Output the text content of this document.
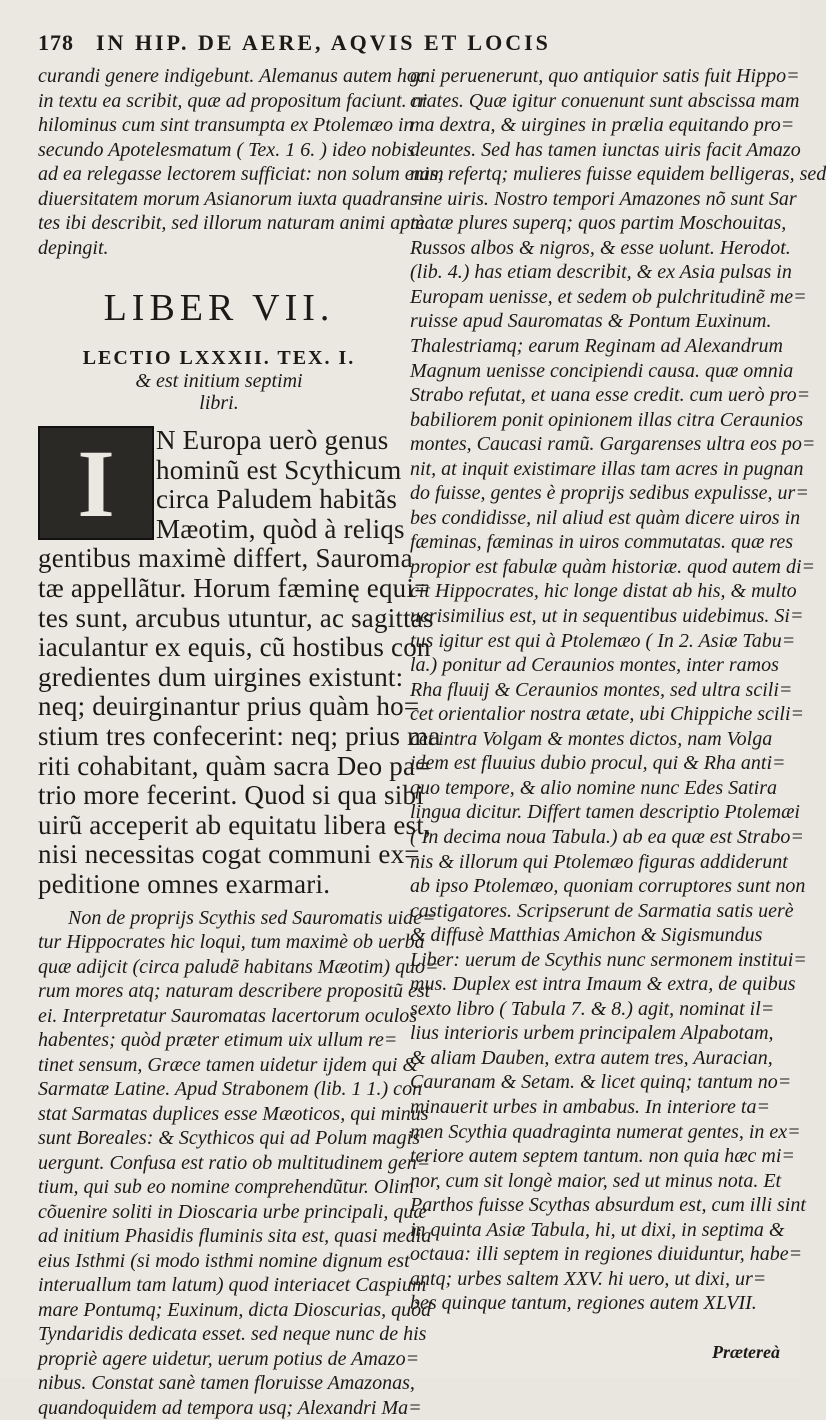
178 IN HIP. DE AERE, AQVIS ET LOCIS
curandi genere indigebunt. Alemanus autem hoc
in textu ea scribit, quæ ad propositum faciunt. ni
hilominus cum sint transumpta ex Ptolemæo in
secundo Apotelesmatum ( Tex. 1 6. ) ideo nobis
ad ea relegasse lectorem sufficiat: non solum enim
diuersitatem morum Asianorum iuxta quadran=
tes ibi describit, sed illorum naturam animi aptè
depingit.
LIBER VII.
LECTIO LXXXII. TEX. I.
& est initium septimi
libri.
I	N Europa uerò genus
hominũ est Scythicum
circa Paludem habitãs
Mæotim, quòd à reliqs
gentibus maximè differt, Sauroma
tæ appellãtur. Horum fæminę equi=
tes sunt, arcubus utuntur, ac sagittas
iaculantur ex equis, cũ hostibus con
gredientes dum uirgines existunt:
neq; deuirginantur prius quàm ho=
stium tres confecerint: neq; prius ma
riti cohabitant, quàm sacra Deo pa=
trio more fecerint. Quod si qua sibi
uirũ acceperit ab equitatu libera est,
nisi necessitas cogat communi ex=
peditione omnes exarmari.
Non de proprijs Scythis sed Sauromatis uide=
tur Hippocrates hic loqui, tum maximè ob uerba
quæ adijcit (circa paludẽ habitans Mæotim) quo=
rum mores atq; naturam describere propositũ est
ei. Interpretatur Sauromatas lacertorum oculos
habentes; quòd præter etimum uix ullum re=
tinet sensum, Græce tamen uidetur ijdem qui &
Sarmatæ Latine. Apud Strabonem (lib. 1 1.) con
stat Sarmatas duplices esse Mæoticos, qui minus
sunt Boreales: & Scythicos qui ad Polum magis
uergunt. Confusa est ratio ob multitudinem gen=
tium, qui sub eo nomine comprehendũtur. Olim
cõuenire soliti in Dioscaria urbe principali, quæ
ad initium Phasidis fluminis sita est, quasi media
eius Isthmi (si modo isthmi nomine dignum est
interuallum tam latum) quod interiacet Caspium
mare Pontumq; Euxinum, dicta Dioscurias, quòd
Tyndaridis dedicata esset. sed neque nunc de his
propriè agere uidetur, uerum potius de Amazo=
nibus. Constat sanè tamen floruisse Amazonas,
quandoquidem ad tempora usq; Alexandri Ma=
gni peruenerunt, quo antiquior satis fuit Hippo=
crates. Quæ igitur conuenunt sunt abscissa mam
ma dextra, & uirgines in prælia equitando pro=
deuntes. Sed has tamen iunctas uiris facit Amazo
nas, refertq; mulieres fuisse equidem belligeras, sed
sine uiris. Nostro tempori Amazones nõ sunt Sar
matæ plures superq; quos partim Moschouitas,
Russos albos & nigros, & esse uolunt. Herodot.
(lib. 4.) has etiam describit, & ex Asia pulsas in
Europam uenisse, et sedem ob pulchritudinẽ me=
ruisse apud Sauromatas & Pontum Euxinum.
Thalestriamq; earum Reginam ad Alexandrum
Magnum uenisse concipiendi causa. quæ omnia
Strabo refutat, et uana esse credit. cum uerò pro=
babiliorem ponit opinionem illas citra Ceraunios
montes, Caucasi ramũ. Gargarenses ultra eos po=
nit, at inquit existimare illas tam acres in pugnan
do fuisse, gentes è proprijs sedibus expulisse, ur=
bes condidisse, nil aliud est quàm dicere uiros in
fæminas, fæminas in uiros commutatas. quæ res
propior est fabulæ quàm historiæ. quod autem di=
cit Hippocrates, hic longe distat ab his, & multo
uerisimilius est, ut in sequentibus uidebimus. Si=
tus igitur est qui à Ptolemæo ( In 2. Asiæ Tabu=
la.) ponitur ad Ceraunios montes, inter ramos
Rha fluuij & Ceraunios montes, sed ultra scili=
cet orientalior nostra ætate, ubi Chippiche scili=
cet intra Volgam & montes dictos, nam Volga
idem est fluuius dubio procul, qui & Rha anti=
quo tempore, & alio nomine nunc Edes Satira
lingua dicitur. Differt tamen descriptio Ptolemæi
( In decima noua Tabula.) ab ea quæ est Strabo=
nis & illorum qui Ptolemæo figuras addiderunt
ab ipso Ptolemæo, quoniam corruptores sunt non
castigatores. Scripserunt de Sarmatia satis uerè
& diffusè Matthias Amichon & Sigismundus
Liber: uerum de Scythis nunc sermonem institui=
mus. Duplex est intra Imaum & extra, de quibus
sexto libro ( Tabula 7. & 8.) agit, nominat il=
lius interioris urbem principalem Alpabotam,
& aliam Dauben, extra autem tres, Auracian,
Cauranam & Setam. & licet quinq; tantum no=
minauerit urbes in ambabus. In interiore ta=
men Scythia quadraginta numerat gentes, in ex=
teriore autem septem tantum. non quia hæc mi=
nor, cum sit longè maior, sed ut minus nota. Et
Parthos fuisse Scythas absurdum est, cum illi sint
in quinta Asiæ Tabula, hi, ut dixi, in septima &
octaua: illi septem in regiones diuiduntur, habe=
antq; urbes saltem XXV. hi uero, ut dixi, ur=
bes quinque tantum, regiones autem XLVII.
Prætereà
